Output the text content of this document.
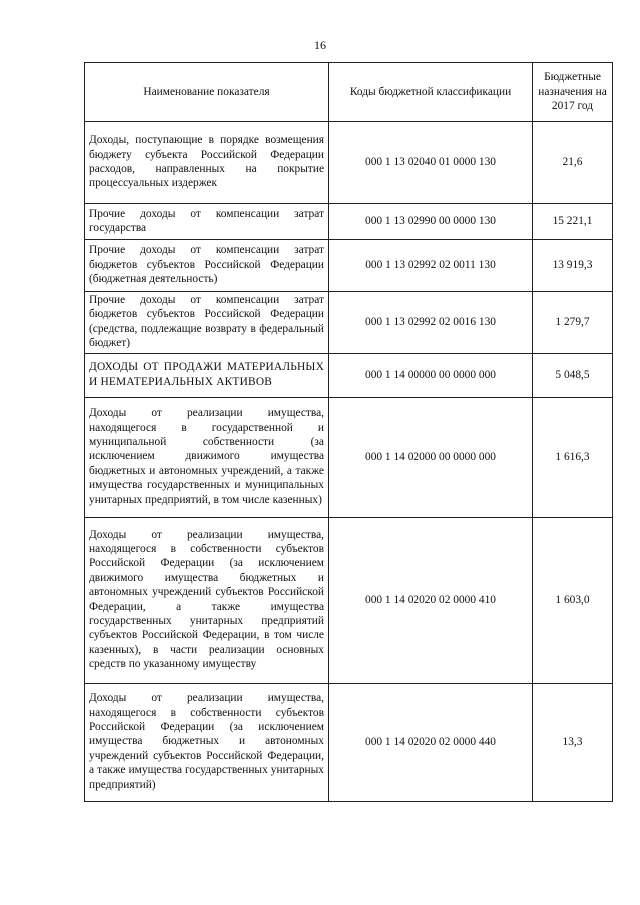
16
Наименование показателя	Коды бюджетной классификации	Бюджетные назначения на 2017 год
Доходы, поступающие в порядке возмещения бюджету субъекта Российской Федерации расходов, направленных на покрытие процессуальных издержек	000 1 13 02040 01 0000 130	21,6
Прочие доходы от компенсации затрат государства	000 1 13 02990 00 0000 130	15 221,1
Прочие доходы от компенсации затрат бюджетов субъектов Российской Федерации (бюджетная деятельность)	000 1 13 02992 02 0011 130	13 919,3
Прочие доходы от компенсации затрат бюджетов субъектов Российской Федерации (средства, подлежащие возврату в федеральный бюджет)	000 1 13 02992 02 0016 130	1 279,7
ДОХОДЫ ОТ ПРОДАЖИ МАТЕРИАЛЬНЫХ И НЕМАТЕРИАЛЬНЫХ АКТИВОВ	000 1 14 00000 00 0000 000	5 048,5
Доходы от реализации имущества, находящегося в государственной и муниципальной собственности (за исключением движимого имущества бюджетных и автономных учреждений, а также имущества государственных и муниципальных унитарных предприятий, в том числе казенных)	000 1 14 02000 00 0000 000	1 616,3
Доходы от реализации имущества, находящегося в собственности субъектов Российской Федерации (за исключением движимого имущества бюджетных и автономных учреждений субъектов Российской Федерации, а также имущества государственных унитарных предприятий субъектов Российской Федерации, в том числе казенных), в части реализации основных средств по указанному имуществу	000 1 14 02020 02 0000 410	1 603,0
Доходы от реализации имущества, находящегося в собственности субъектов Российской Федерации (за исключением имущества бюджетных и автономных учреждений субъектов Российской Федерации, а также имущества государственных унитарных предприятий)	000 1 14 02020 02 0000 440	13,3
